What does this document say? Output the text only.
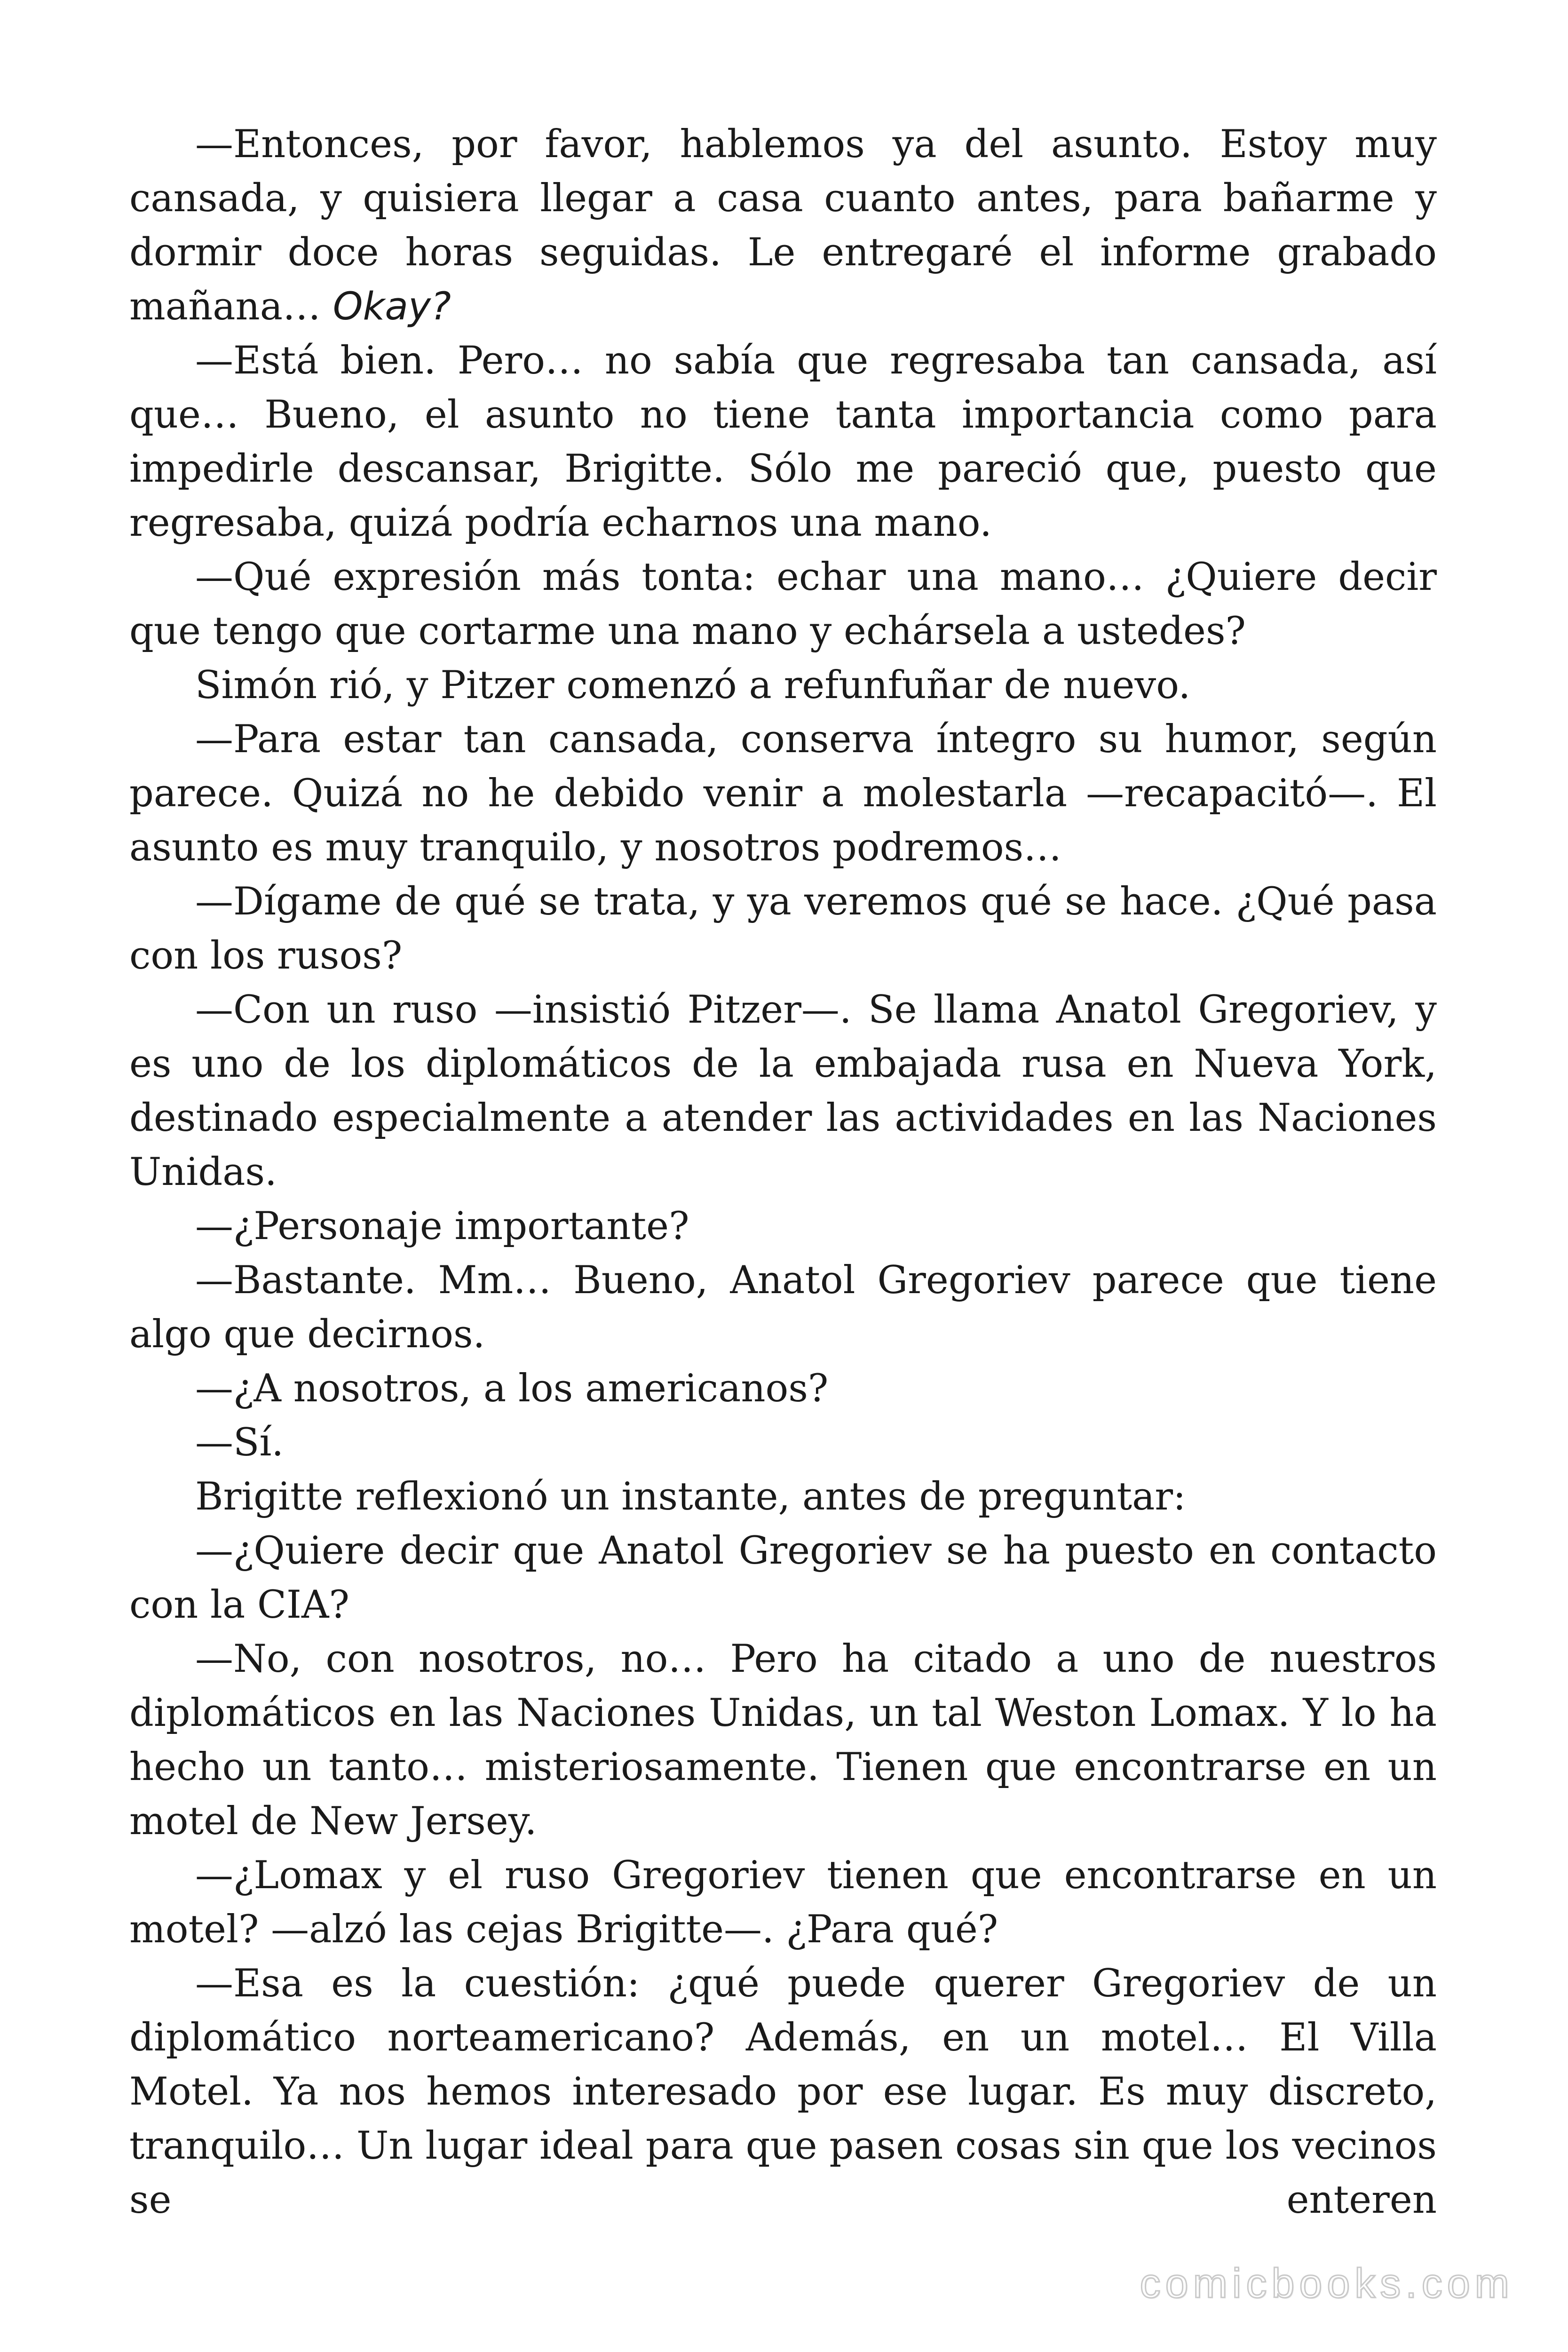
—Entonces, por favor, hablemos ya del asunto. Estoy muy cansada, y quisiera llegar a casa cuanto antes, para bañarme y dormir doce horas seguidas. Le entregaré el informe grabado mañana… Okay?

—Está bien. Pero… no sabía que regresaba tan cansada, así que… Bueno, el asunto no tiene tanta importancia como para impedirle descansar, Brigitte. Sólo me pareció que, puesto que regresaba, quizá podría echarnos una mano.

—Qué expresión más tonta: echar una mano… ¿Quiere decir que tengo que cortarme una mano y echársela a ustedes?

Simón rió, y Pitzer comenzó a refunfuñar de nuevo.

—Para estar tan cansada, conserva íntegro su humor, según parece. Quizá no he debido venir a molestarla —recapacitó—. El asunto es muy tranquilo, y nosotros podremos…

—Dígame de qué se trata, y ya veremos qué se hace. ¿Qué pasa con los rusos?

—Con un ruso —insistió Pitzer—. Se llama Anatol Gregoriev, y es uno de los diplomáticos de la embajada rusa en Nueva York, destinado especialmente a atender las actividades en las Naciones Unidas.

—¿Personaje importante?

—Bastante. Mm… Bueno, Anatol Gregoriev parece que tiene algo que decirnos.

—¿A nosotros, a los americanos?

—Sí.

Brigitte reflexionó un instante, antes de preguntar:

—¿Quiere decir que Anatol Gregoriev se ha puesto en contacto con la CIA?

—No, con nosotros, no… Pero ha citado a uno de nuestros diplomáticos en las Naciones Unidas, un tal Weston Lomax. Y lo ha hecho un tanto… misteriosamente. Tienen que encontrarse en un motel de New Jersey.

—¿Lomax y el ruso Gregoriev tienen que encontrarse en un motel? —alzó las cejas Brigitte—. ¿Para qué?

—Esa es la cuestión: ¿qué puede querer Gregoriev de un diplomático norteamericano? Además, en un motel… El Villa Motel. Ya nos hemos interesado por ese lugar. Es muy discreto, tranquilo… Un lugar ideal para que pasen cosas sin que los vecinos se enteren

comicbooks.com
